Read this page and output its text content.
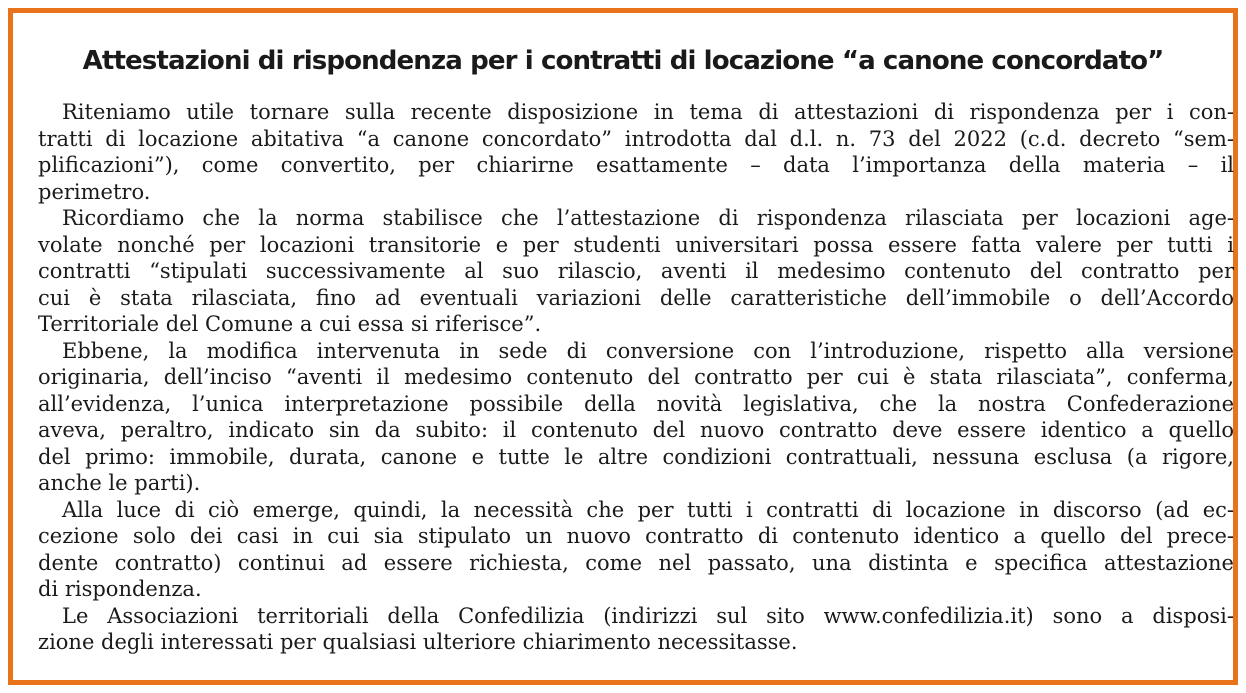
Attestazioni di rispondenza per i contratti di locazione “a canone concordato”

Riteniamo utile tornare sulla recente disposizione in tema di attestazioni di rispondenza per i con-
tratti di locazione abitativa “a canone concordato” introdotta dal d.l. n. 73 del 2022 (c.d. decreto “sem-
plificazioni”), come convertito, per chiarirne esattamente – data l’importanza della materia – il
perimetro.

Ricordiamo che la norma stabilisce che l’attestazione di rispondenza rilasciata per locazioni age-
volate nonché per locazioni transitorie e per studenti universitari possa essere fatta valere per tutti i
contratti “stipulati successivamente al suo rilascio, aventi il medesimo contenuto del contratto per
cui è stata rilasciata, fino ad eventuali variazioni delle caratteristiche dell’immobile o dell’Accordo
Territoriale del Comune a cui essa si riferisce”.

Ebbene, la modifica intervenuta in sede di conversione con l’introduzione, rispetto alla versione
originaria, dell’inciso “aventi il medesimo contenuto del contratto per cui è stata rilasciata”, conferma,
all’evidenza, l’unica interpretazione possibile della novità legislativa, che la nostra Confederazione
aveva, peraltro, indicato sin da subito: il contenuto del nuovo contratto deve essere identico a quello
del primo: immobile, durata, canone e tutte le altre condizioni contrattuali, nessuna esclusa (a rigore,
anche le parti).

Alla luce di ciò emerge, quindi, la necessità che per tutti i contratti di locazione in discorso (ad ec-
cezione solo dei casi in cui sia stipulato un nuovo contratto di contenuto identico a quello del prece-
dente contratto) continui ad essere richiesta, come nel passato, una distinta e specifica attestazione
di rispondenza.

Le Associazioni territoriali della Confedilizia (indirizzi sul sito www.confedilizia.it) sono a disposi-
zione degli interessati per qualsiasi ulteriore chiarimento necessitasse.
